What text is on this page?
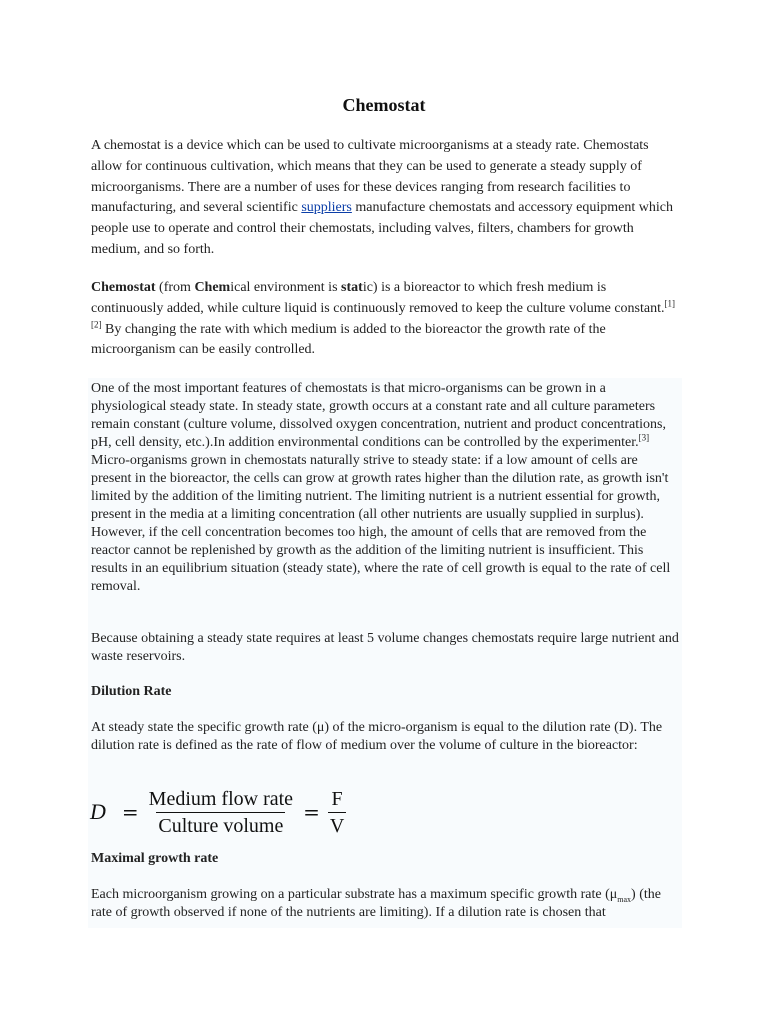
Chemostat
A chemostat is a device which can be used to cultivate microorganisms at a steady rate. Chemostats allow for continuous cultivation, which means that they can be used to generate a steady supply of microorganisms. There are a number of uses for these devices ranging from research facilities to manufacturing, and several scientific suppliers manufacture chemostats and accessory equipment which people use to operate and control their chemostats, including valves, filters, chambers for growth medium, and so forth.
Chemostat (from Chemical environment is static) is a bioreactor to which fresh medium is continuously added, while culture liquid is continuously removed to keep the culture volume constant.[1][2] By changing the rate with which medium is added to the bioreactor the growth rate of the microorganism can be easily controlled.
One of the most important features of chemostats is that micro-organisms can be grown in a physiological steady state. In steady state, growth occurs at a constant rate and all culture parameters remain constant (culture volume, dissolved oxygen concentration, nutrient and product concentrations, pH, cell density, etc.).In addition environmental conditions can be controlled by the experimenter.[3] Micro-organisms grown in chemostats naturally strive to steady state: if a low amount of cells are present in the bioreactor, the cells can grow at growth rates higher than the dilution rate, as growth isn't limited by the addition of the limiting nutrient. The limiting nutrient is a nutrient essential for growth, present in the media at a limiting concentration (all other nutrients are usually supplied in surplus). However, if the cell concentration becomes too high, the amount of cells that are removed from the reactor cannot be replenished by growth as the addition of the limiting nutrient is insufficient. This results in an equilibrium situation (steady state), where the rate of cell growth is equal to the rate of cell removal.
Because obtaining a steady state requires at least 5 volume changes chemostats require large nutrient and waste reservoirs.
Dilution Rate
At steady state the specific growth rate (μ) of the micro-organism is equal to the dilution rate (D). The dilution rate is defined as the rate of flow of medium over the volume of culture in the bioreactor:
$D = \frac{\text{Medium flow rate}}{\text{Culture volume}} = \frac{F}{V}$
Maximal growth rate
Each microorganism growing on a particular substrate has a maximum specific growth rate $(\mu_{max})$ (the rate of growth observed if none of the nutrients are limiting). If a dilution rate is chosen that
